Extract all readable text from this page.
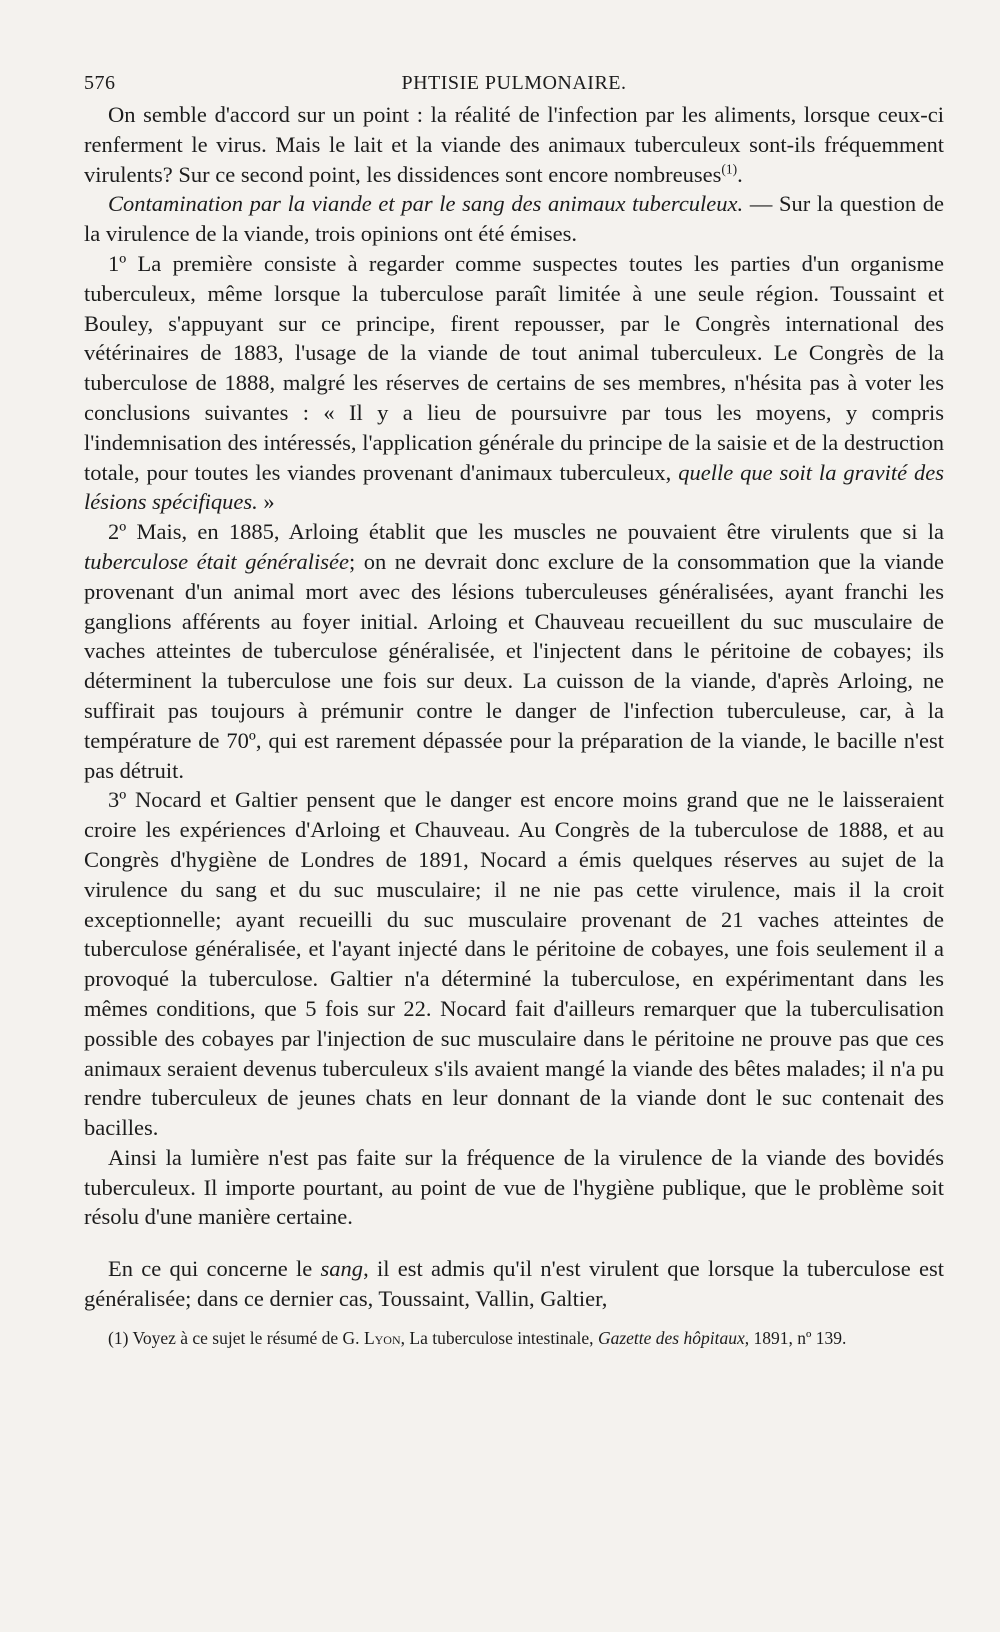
576	PHTISIE PULMONAIRE.

On semble d'accord sur un point : la réalité de l'infection par les aliments, lorsque ceux-ci renferment le virus. Mais le lait et la viande des animaux tuberculeux sont-ils fréquemment virulents? Sur ce second point, les dissidences sont encore nombreuses$^{(1)}$.

Contamination par la viande et par le sang des animaux tuberculeux. — Sur la question de la virulence de la viande, trois opinions ont été émises.

1º La première consiste à regarder comme suspectes toutes les parties d'un organisme tuberculeux, même lorsque la tuberculose paraît limitée à une seule région. Toussaint et Bouley, s'appuyant sur ce principe, firent repousser, par le Congrès international des vétérinaires de 1883, l'usage de la viande de tout animal tuberculeux. Le Congrès de la tuberculose de 1888, malgré les réserves de certains de ses membres, n'hésita pas à voter les conclusions suivantes : « Il y a lieu de poursuivre par tous les moyens, y compris l'indemnisation des intéressés, l'application générale du principe de la saisie et de la destruction totale, pour toutes les viandes provenant d'animaux tuberculeux, quelle que soit la gravité des lésions spécifiques. »

2º Mais, en 1885, Arloing établit que les muscles ne pouvaient être virulents que si la tuberculose était généralisée; on ne devrait donc exclure de la consommation que la viande provenant d'un animal mort avec des lésions tuberculeuses généralisées, ayant franchi les ganglions afférents au foyer initial. Arloing et Chauveau recueillent du suc musculaire de vaches atteintes de tuberculose généralisée, et l'injectent dans le péritoine de cobayes; ils déterminent la tuberculose une fois sur deux. La cuisson de la viande, d'après Arloing, ne suffirait pas toujours à prémunir contre le danger de l'infection tuberculeuse, car, à la température de 70º, qui est rarement dépassée pour la préparation de la viande, le bacille n'est pas détruit.

3º Nocard et Galtier pensent que le danger est encore moins grand que ne le laisseraient croire les expériences d'Arloing et Chauveau. Au Congrès de la tuberculose de 1888, et au Congrès d'hygiène de Londres de 1891, Nocard a émis quelques réserves au sujet de la virulence du sang et du suc musculaire; il ne nie pas cette virulence, mais il la croit exceptionnelle; ayant recueilli du suc musculaire provenant de 21 vaches atteintes de tuberculose généralisée, et l'ayant injecté dans le péritoine de cobayes, une fois seulement il a provoqué la tuberculose. Galtier n'a déterminé la tuberculose, en expérimentant dans les mêmes conditions, que 5 fois sur 22. Nocard fait d'ailleurs remarquer que la tuberculisation possible des cobayes par l'injection de suc musculaire dans le péritoine ne prouve pas que ces animaux seraient devenus tuberculeux s'ils avaient mangé la viande des bêtes malades; il n'a pu rendre tuberculeux de jeunes chats en leur donnant de la viande dont le suc contenait des bacilles.

Ainsi la lumière n'est pas faite sur la fréquence de la virulence de la viande des bovidés tuberculeux. Il importe pourtant, au point de vue de l'hygiène publique, que le problème soit résolu d'une manière certaine.

En ce qui concerne le sang, il est admis qu'il n'est virulent que lorsque la tuberculose est généralisée; dans ce dernier cas, Toussaint, Vallin, Galtier,

(1) Voyez à ce sujet le résumé de G. Lyon, La tuberculose intestinale, Gazette des hôpitaux, 1891, nº 139.
